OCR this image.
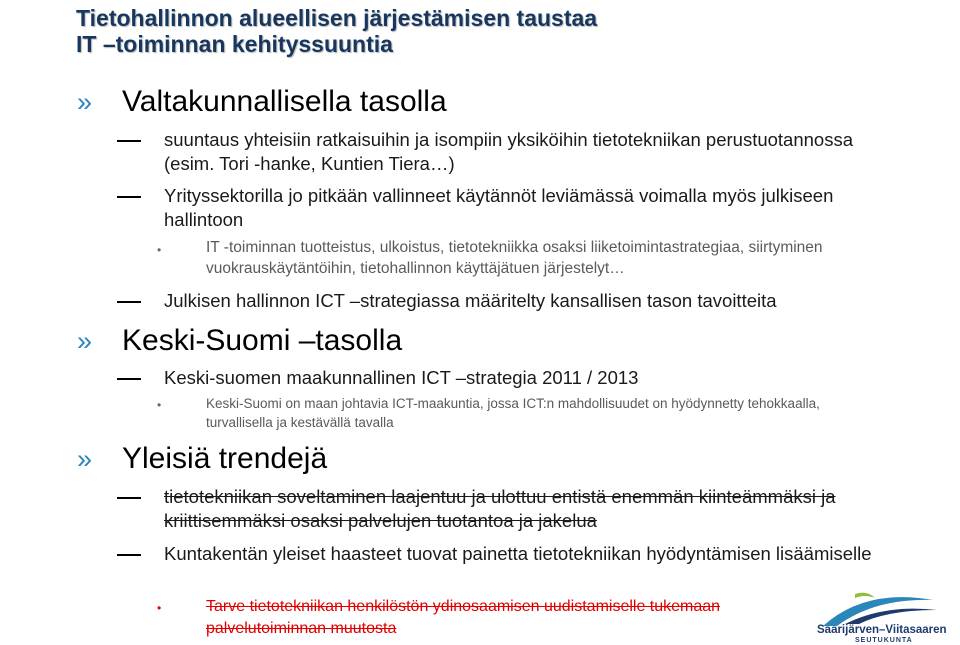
Tietohallinnon alueellisen järjestämisen taustaa
IT –toiminnan kehityssuuntia
» Valtakunnallisella tasolla
suuntaus yhteisiin ratkaisuihin ja isompiin yksiköihin tietotekniikan perustuotannossa (esim. Tori -hanke, Kuntien Tiera…)
Yrityssektorilla jo pitkään vallinneet käytännöt leviämässä voimalla myös julkiseen hallintoon
•	IT -toiminnan tuotteistus, ulkoistus, tietotekniikka osaksi liiketoimintastrategiaa, siirtyminen vuokrauskäytäntöihin, tietohallinnon käyttäjätuen järjestelyt…
Julkisen hallinnon ICT –strategiassa määritelty kansallisen tason tavoitteita
» Keski-Suomi –tasolla
Keski-suomen maakunnallinen ICT –strategia 2011 / 2013
•	Keski-Suomi on maan johtavia ICT-maakuntia, jossa ICT:n mahdollisuudet on hyödynnetty tehokkaalla, turvallisella ja kestävällä tavalla
» Yleisiä trendejä
tietotekniikan soveltaminen laajentuu ja ulottuu entistä enemmän kiinteämmäksi ja kriittisemmäksi osaksi palvelujen tuotantoa ja jakelua
Kuntakentän yleiset haasteet tuovat painetta tietotekniikan hyödyntämisen lisäämiselle
•	Tarve tietotekniikan henkilöstön ydinosaamisen uudistamiselle tukemaan palvelutoiminnan muutosta	Saarijärven–Viitasaaren
SEUTUKUNTA
